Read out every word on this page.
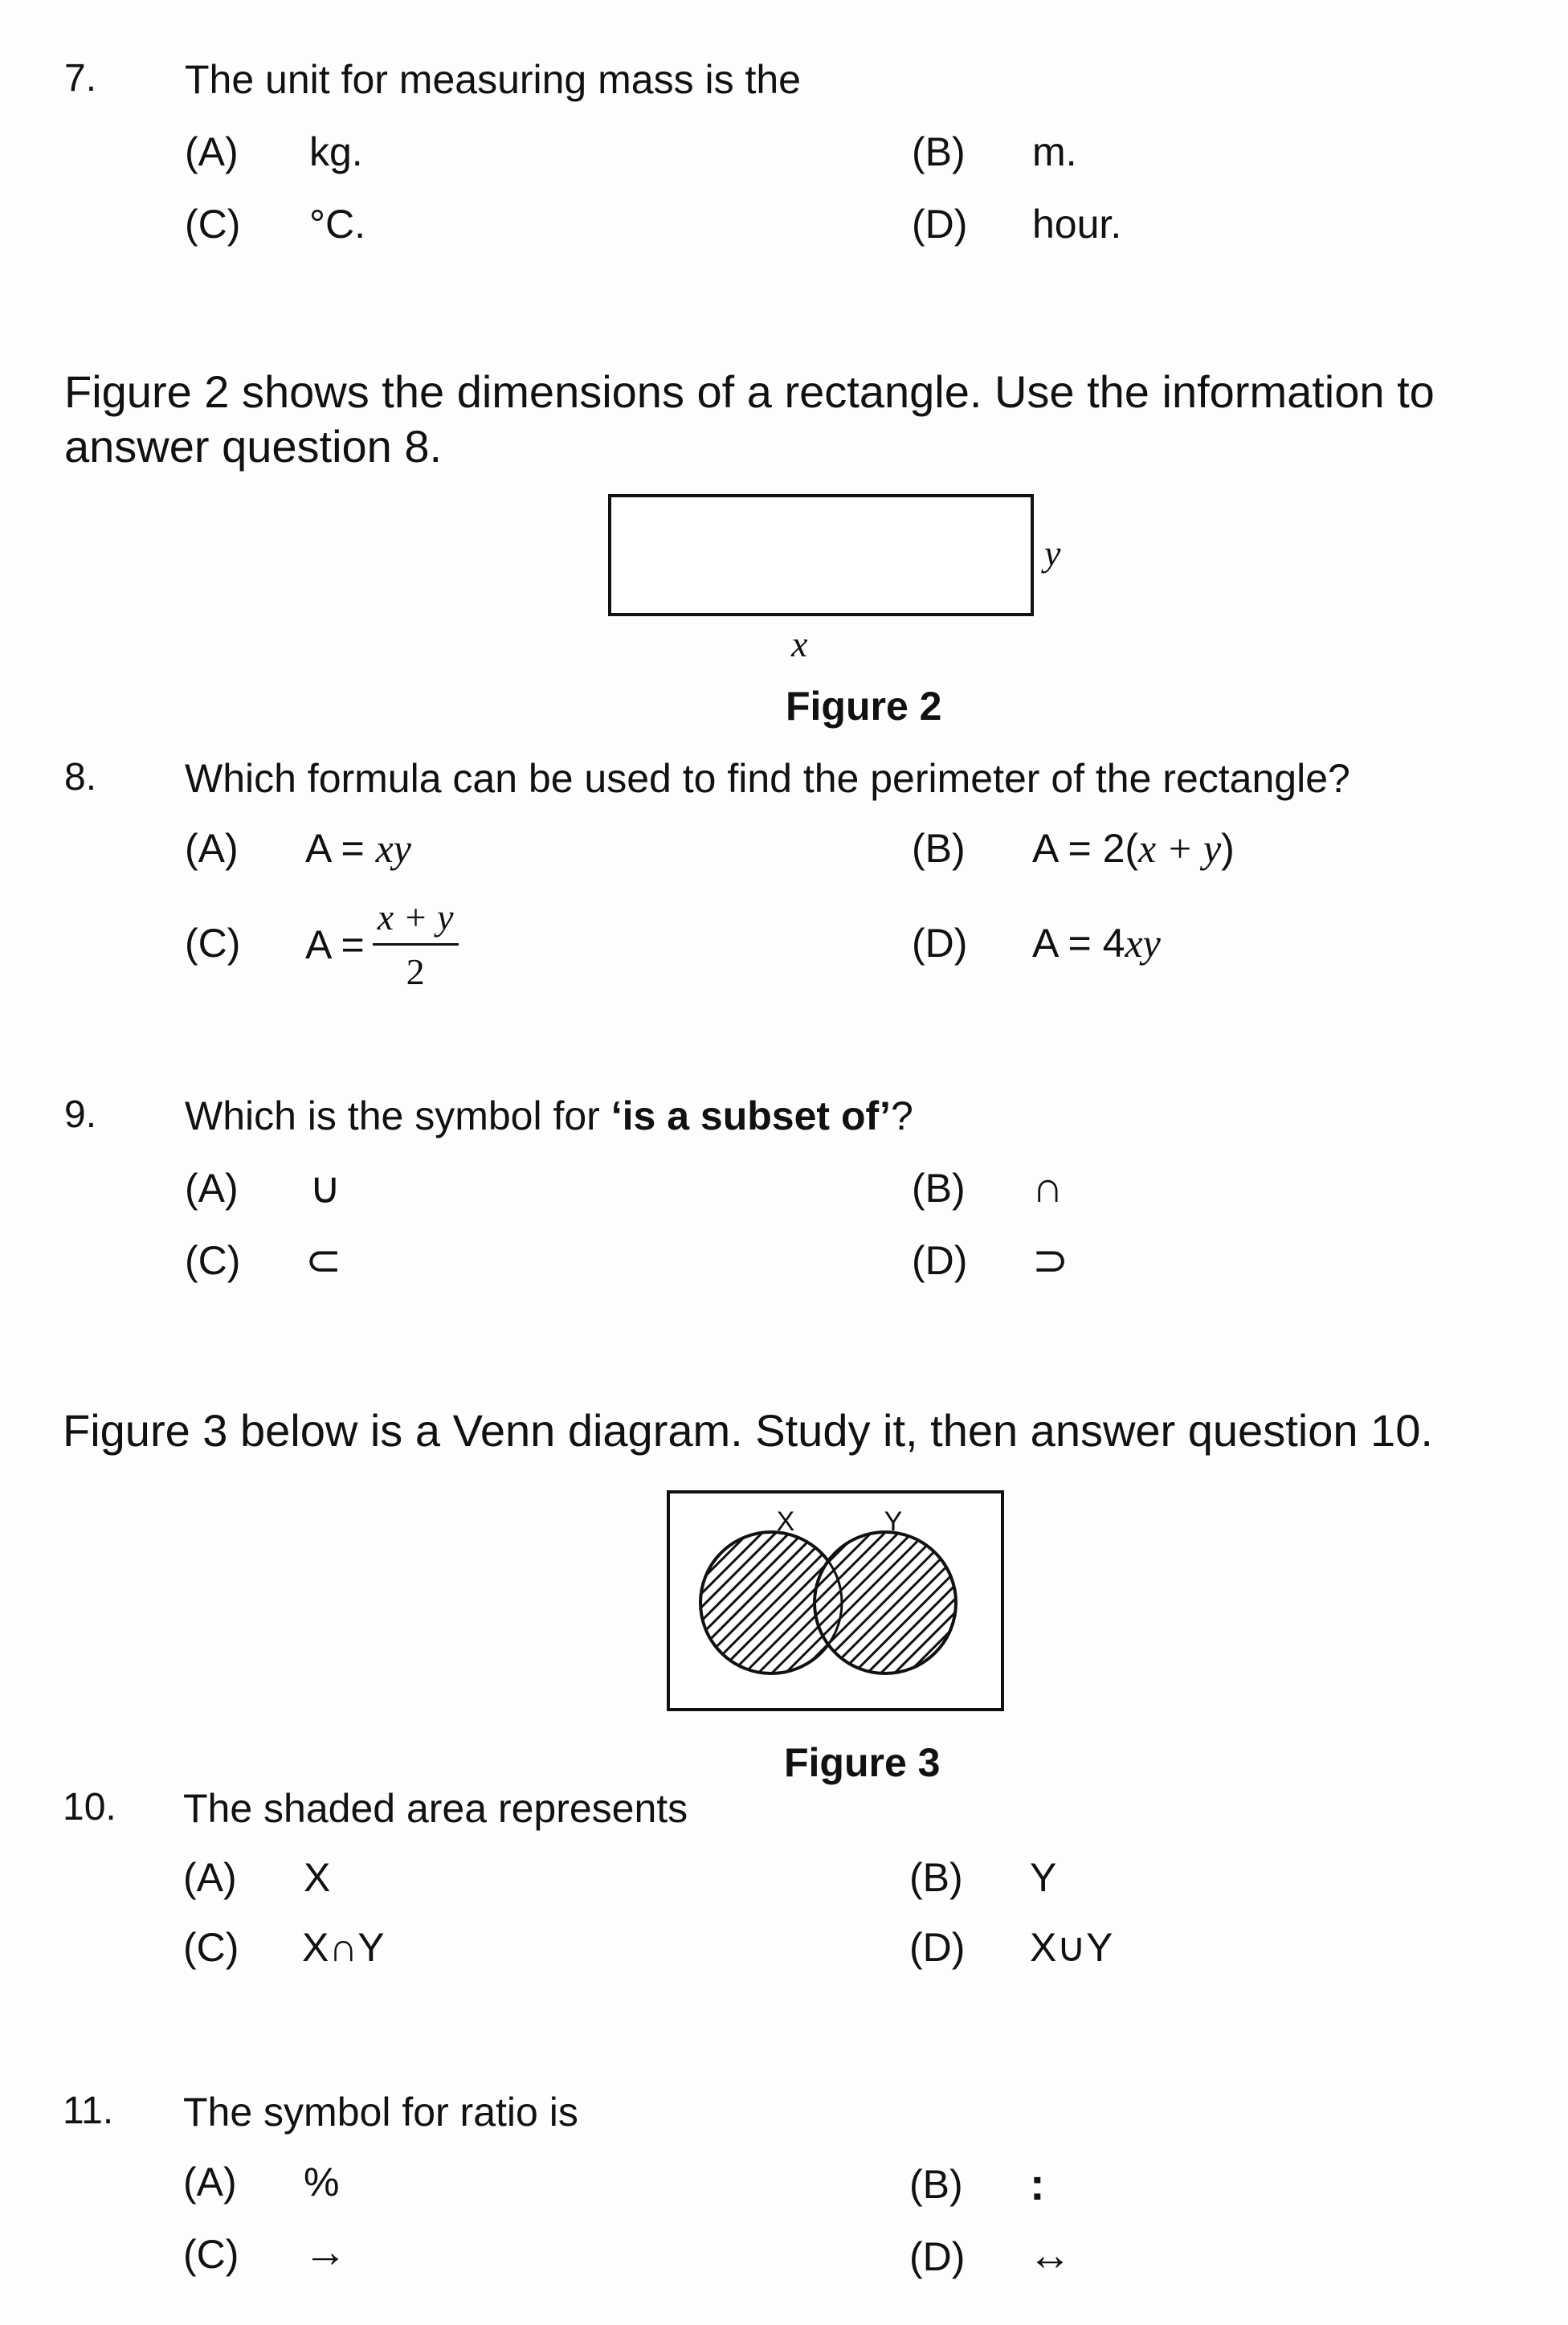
7. The unit for measuring mass is the
(A) kg.	(B) m.
(C) °C.	(D) hour.
Figure 2 shows the dimensions of a rectangle. Use the information to
answer question 8.
y
x
Figure 2
8. Which formula can be used to find the perimeter of the rectangle?
(A) A = xy	(B) A = 2(x + y)
(C) $A = \frac{x + y}{2}$	(D) A = 4xy
9. Which is the symbol for ‘is a subset of’?
(A) ∪	(B) ∩
(C) ⊂	(D) ⊃
Figure 3 below is a Venn diagram. Study it, then answer question 10.
X	Y
Figure 3
10. The shaded area represents
(A) X	(B) Y
(C) X∩Y	(D) X∪Y
11. The symbol for ratio is
(A) %	(B) :
(C) →	(D) ↔
